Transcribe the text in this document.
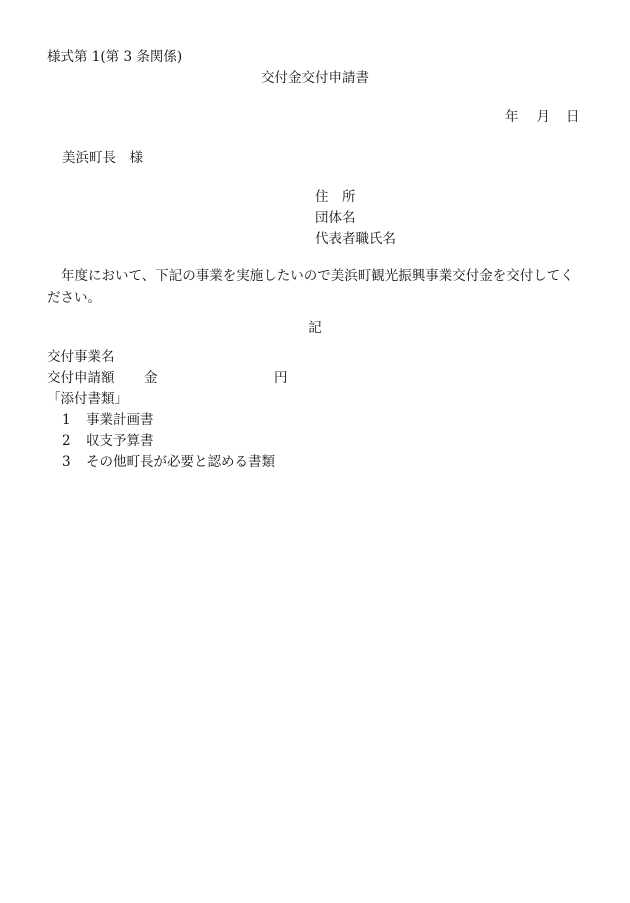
様式第 1(第 3 条関係)
交付金交付申請書
年 月 日
美浜町長　様
住　所
団体名
代表者職氏名
年度において、下記の事業を実施したいので美浜町観光振興事業交付金を交付してください。
記
交付事業名
交付申請額 金	円
「添付書類」
1 事業計画書
2 収支予算書
3 その他町長が必要と認める書類
